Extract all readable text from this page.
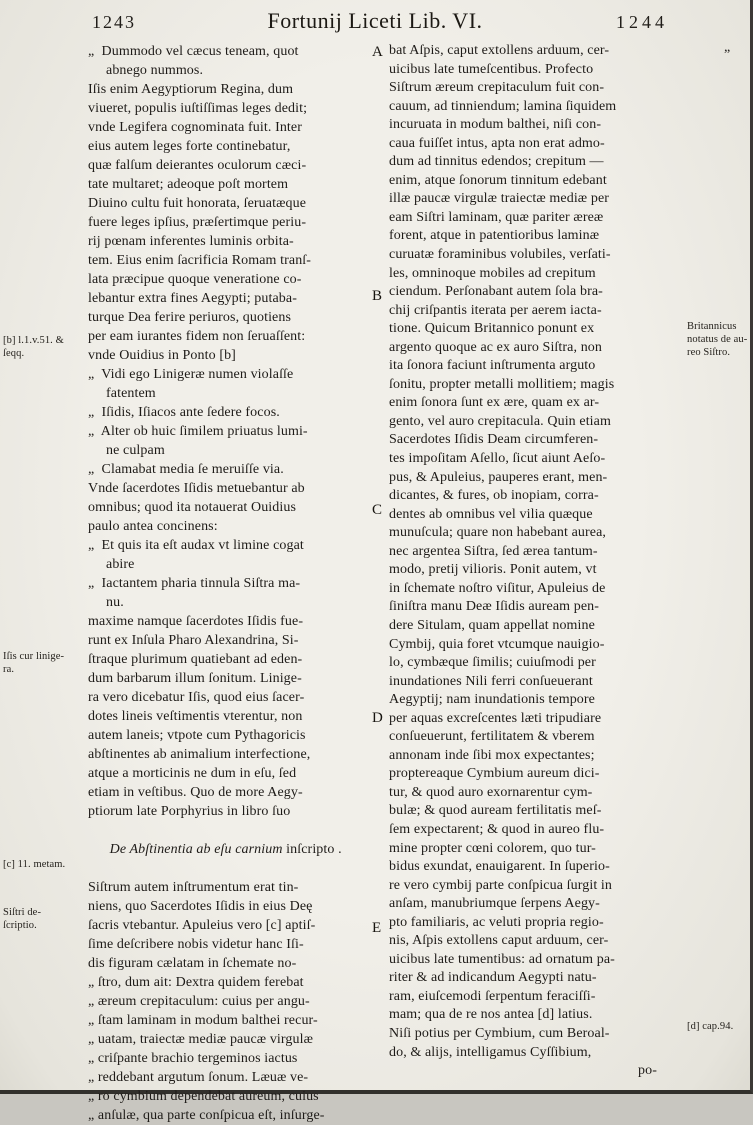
1243	Fortunij Liceti Lib. VI.	1244
„  Dummodo vel cæcus teneam, quot
abnego nummos.
Iſis enim Aegyptiorum Regina, dum
viueret, populis iuſtiſſimas leges dedit;
vnde Legifera cognominata fuit. Inter
eius autem leges forte continebatur,
quæ falſum deierantes oculorum cæci-
tate multaret; adeoque poſt mortem
Diuino cultu fuit honorata, ſeruatæque
fuere leges ipſius, præſertimque periu-
rij pœnam inferentes luminis orbita-
tem. Eius enim ſacrificia Romam tranſ-
lata præcipue quoque veneratione co-
lebantur extra fines Aegypti; putaba-
turque Dea ferire periuros, quotiens
per eam iurantes fidem non ſeruaſſent:
vnde Ouidius in Ponto [b]
„  Vidi ego Linigeræ numen violaſſe
fatentem
„  Iſidis, Iſiacos ante ſedere focos.
„  Alter ob huic ſimilem priuatus lumi-
ne culpam
„  Clamabat media ſe meruiſſe via.
Vnde ſacerdotes Iſidis metuebantur ab
omnibus; quod ita notauerat Ouidius
paulo antea concinens:
„  Et quis ita eſt audax vt limine cogat
abire
„  Iactantem pharia tinnula Siſtra ma-
nu.
maxime namque ſacerdotes Iſidis fue-
runt ex Inſula Pharo Alexandrina, Si-
ſtraque plurimum quatiebant ad eden-
dum barbarum illum ſonitum. Linige-
ra vero dicebatur Iſis, quod eius ſacer-
dotes lineis veſtimentis vterentur, non
autem laneis; vtpote cum Pythagoricis
abſtinentes ab animalium interfectione,
atque a morticinis ne dum in eſu, ſed
etiam in veſtibus. Quo de more Aegy-
ptiorum late Porphyrius in libro ſuo

De Abſtinentia ab eſu carnium inſcripto .

Siſtrum autem inſtrumentum erat tin-
niens, quo Sacerdotes Iſidis in eius Deę
ſacris vtebantur. Apuleius vero [c] aptiſ-
ſime deſcribere nobis videtur hanc Iſi-
dis figuram cælatam in ſchemate no-
„ ſtro, dum ait: Dextra quidem ferebat
„ æreum crepitaculum: cuius per angu-
„ ſtam laminam in modum balthei recur-
„ uatam, traiectæ mediæ paucæ virgulæ
„ criſpante brachio tergeminos iactus
„ reddebant argutum ſonum. Læuæ ve-
„ ro cymbium dependebat aureum, cuius
„ anſulæ, qua parte conſpicua eſt, inſurge-
bat Aſpis, caput extollens arduum, cer-
uicibus late tumeſcentibus. Profecto
Siſtrum æreum crepitaculum fuit con-
cauum, ad tinniendum; lamina ſiquidem
incuruata in modum balthei, niſi con-
caua fuiſſet intus, apta non erat admo-
dum ad tinnitus edendos; crepitum —
enim, atque ſonorum tinnitum edebant
illæ paucæ virgulæ traiectæ mediæ per
eam Siſtri laminam, quæ pariter æreæ
forent, atque in patentioribus laminæ
curuatæ foraminibus volubiles, verſati-
les, omninoque mobiles ad crepitum
ciendum. Perſonabant autem ſola bra-
chij criſpantis iterata per aerem iacta-
tione. Quicum Britannico ponunt ex
argento quoque ac ex auro Siſtra, non
ita ſonora faciunt inſtrumenta arguto
ſonitu, propter metalli mollitiem; magis
enim ſonora ſunt ex ære, quam ex ar-
gento, vel auro crepitacula. Quin etiam
Sacerdotes Iſidis Deam circumferen-
tes impoſitam Aſello, ſicut aiunt Aeſo-
pus, & Apuleius, pauperes erant, men-
dicantes, & fures, ob inopiam, corra-
dentes ab omnibus vel vilia quæque
munuſcula; quare non habebant aurea,
nec argentea Siſtra, ſed ærea tantum-
modo, pretij vilioris. Ponit autem, vt
in ſchemate noſtro viſitur, Apuleius de
ſiniſtra manu Deæ Iſidis auream pen-
dere Situlam, quam appellat nomine
Cymbij, quia foret vtcumque nauigio-
lo, cymbæque ſimilis; cuiuſmodi per
inundationes Nili ferri conſueuerant
Aegyptij; nam inundationis tempore
per aquas excreſcentes læti tripudiare
conſueuerunt, fertilitatem & vberem
annonam inde ſibi mox expectantes;
proptereaque Cymbium aureum dici-
tur, & quod auro exornarentur cym-
bulæ; & quod auream fertilitatis meſ-
ſem expectarent; & quod in aureo flu-
mine propter cœni colorem, quo tur-
bidus exundat, enauigarent. In ſuperio-
re vero cymbij parte conſpicua ſurgit in
anſam, manubriumque ſerpens Aegy-
pto familiaris, ac veluti propria regio-
nis, Aſpis extollens caput arduum, cer-
uicibus late tumentibus: ad ornatum pa-
riter & ad indicandum Aegypti natu-
ram, eiuſcemodi ſerpentum feraciſſi-
mam; qua de re nos antea [d] latius.
Niſi potius per Cymbium, cum Beroal-
do, & alijs, intelligamus Cyſſibium,
po-
A
B
C
D
E
„
[b] l.1.v.51. &
ſeqq.
Iſis cur linige-
ra.
[c] 11. metam.
Siſtri de-
ſcriptio.
Britannicus
notatus de au-
reo Siſtro.
[d] cap.94.
